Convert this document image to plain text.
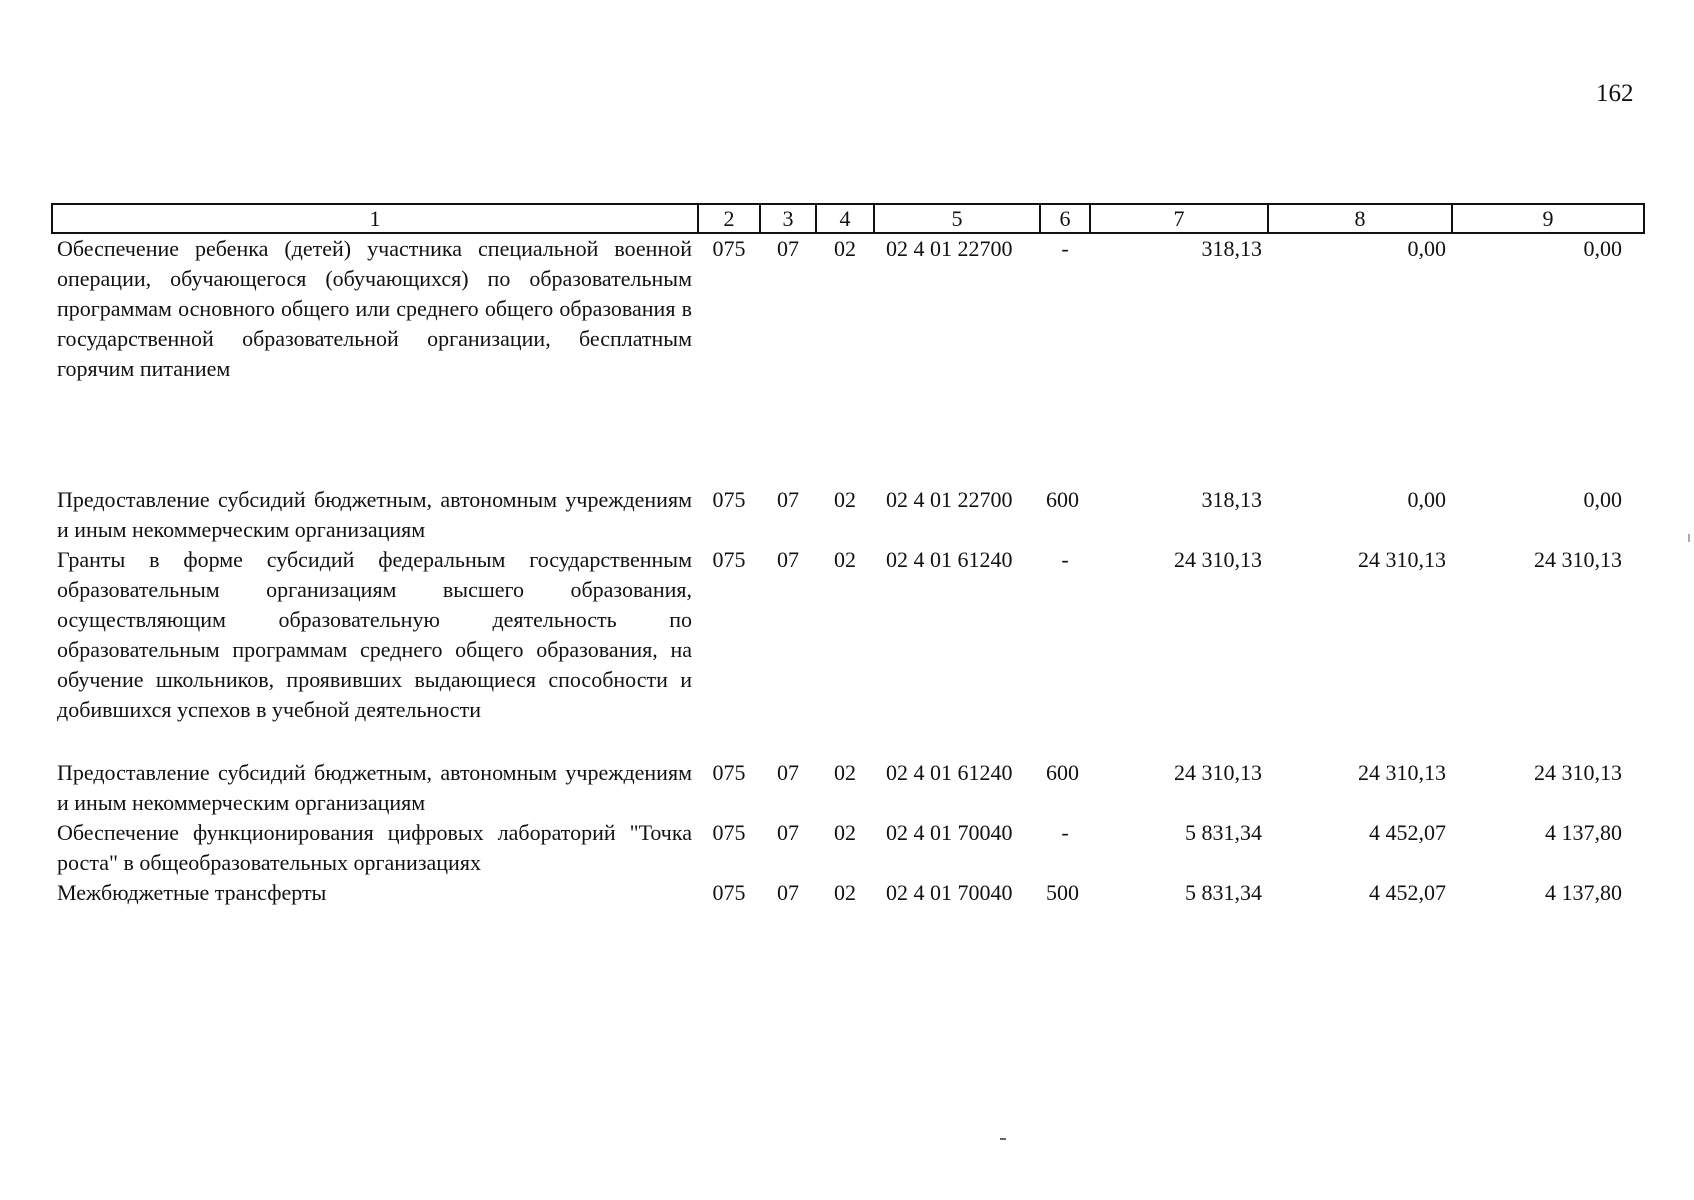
162
1	2	3	4	5	6	7	8	9
Обеспечение ребенка (детей) участника специальной военной операции, обучающегося (обучающихся) по образовательным программам основного общего или среднего общего образования в государственной образовательной организации, бесплатным горячим питанием	075	07	02	02 4 01 22700	-	318,13	0,00	0,00
Предоставление субсидий бюджетным, автономным учреждениям и иным некоммерческим организациям	075	07	02	02 4 01 22700	600	318,13	0,00	0,00
Гранты в форме субсидий федеральным государственным образовательным организациям высшего образования, осуществляющим образовательную деятельность по образовательным программам среднего общего образования, на обучение школьников, проявивших выдающиеся способности и добившихся успехов в учебной деятельности	075	07	02	02 4 01 61240	-	24 310,13	24 310,13	24 310,13
Предоставление субсидий бюджетным, автономным учреждениям и иным некоммерческим организациям	075	07	02	02 4 01 61240	600	24 310,13	24 310,13	24 310,13
Обеспечение функционирования цифровых лабораторий "Точка роста" в общеобразовательных организациях	075	07	02	02 4 01 70040	-	5 831,34	4 452,07	4 137,80
Межбюджетные трансферты	075	07	02	02 4 01 70040	500	5 831,34	4 452,07	4 137,80
